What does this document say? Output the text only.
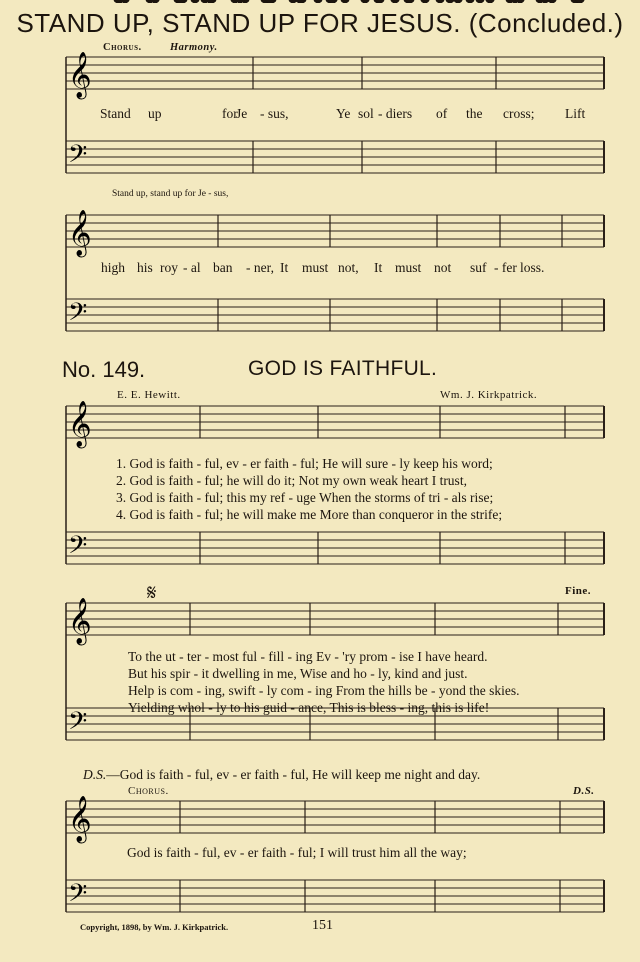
𝄞
𝄢
𝄞
𝄢
𝄞
𝄢
𝄞
𝄢
𝄞
𝄢
STAND UP, STAND UP FOR JESUS. (Concluded.)
Chorus.	Harmony.
Stand up	for
Je - sus,	Ye sol - diers of the cross; Lift
Stand up, stand up for Je - sus,
high his roy - al ban - ner, It must not, It must not suf - fer loss.
No. 149.	GOD IS FAITHFUL.
E. E. Hewitt.	Wm. J. Kirkpatrick.
1. God is faith - ful, ev - er faith - ful; He will sure - ly keep his word;
2. God is faith - ful; he will do it; Not my own weak heart I trust,
3. God is faith - ful; this my ref - uge When the storms of tri - als rise;
4. God is faith - ful; he will make me More than conqueror in the strife;
Fine.
𝄋
To the ut - ter - most ful - fill - ing Ev - 'ry prom - ise I have heard.
But his spir - it dwelling in me, Wise and ho - ly, kind and just.
Help is com - ing, swift - ly com - ing From the hills be - yond the skies.
Yielding whol - ly to his guid - ance, This is bless - ing, this is life!
D.S.—God is faith - ful, ev - er faith - ful, He will keep me night and day.
Chorus.	D.S.
God is faith - ful, ev - er faith - ful; I will trust him all the way;
Copyright, 1898, by Wm. J. Kirkpatrick.	151
